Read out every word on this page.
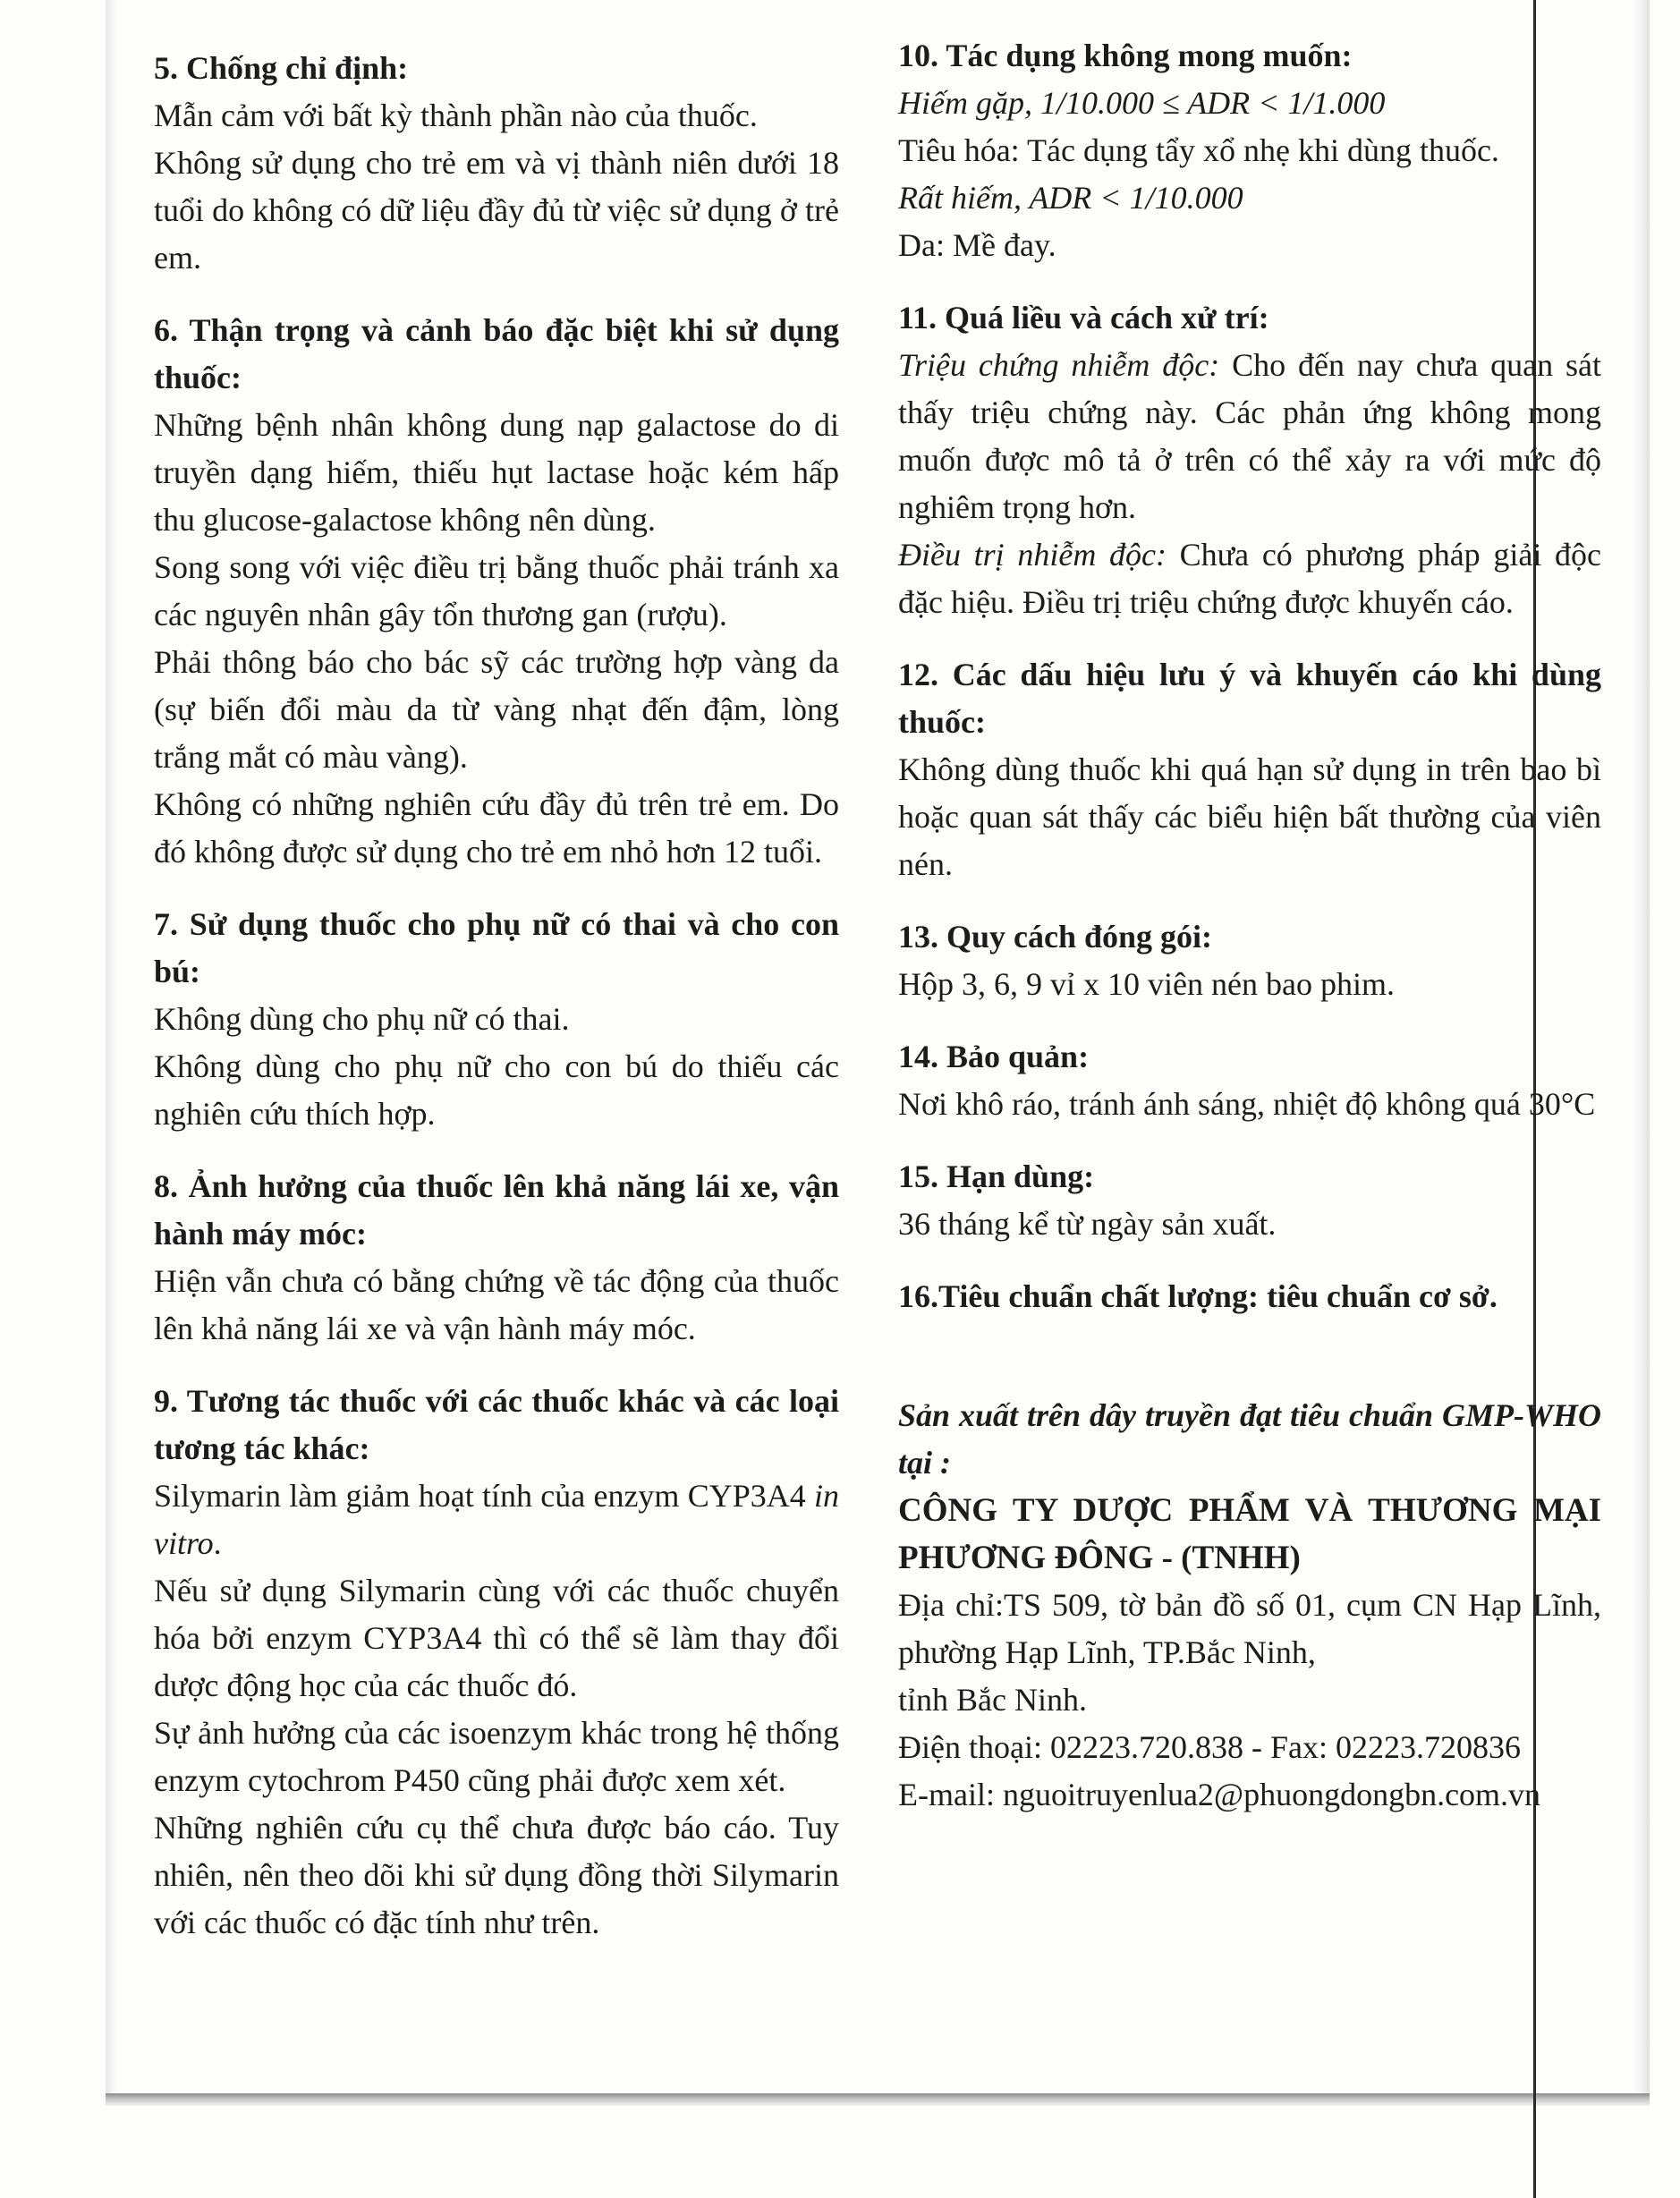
5. Chống chỉ định:

Mẫn cảm với bất kỳ thành phần nào của thuốc.

Không sử dụng cho trẻ em và vị thành niên dưới 18 tuổi do không có dữ liệu đầy đủ từ việc sử dụng ở trẻ em.

6. Thận trọng và cảnh báo đặc biệt khi sử dụng thuốc:

Những bệnh nhân không dung nạp galactose do di truyền dạng hiếm, thiếu hụt lactase hoặc kém hấp thu glucose-galactose không nên dùng.

Song song với việc điều trị bằng thuốc phải tránh xa các nguyên nhân gây tổn thương gan (rượu).

Phải thông báo cho bác sỹ các trường hợp vàng da (sự biến đổi màu da từ vàng nhạt đến đậm, lòng trắng mắt có màu vàng).

Không có những nghiên cứu đầy đủ trên trẻ em. Do đó không được sử dụng cho trẻ em nhỏ hơn 12 tuổi.

7. Sử dụng thuốc cho phụ nữ có thai và cho con bú:

Không dùng cho phụ nữ có thai.

Không dùng cho phụ nữ cho con bú do thiếu các nghiên cứu thích hợp.

8. Ảnh hưởng của thuốc lên khả năng lái xe, vận hành máy móc:

Hiện vẫn chưa có bằng chứng về tác động của thuốc lên khả năng lái xe và vận hành máy móc.

9. Tương tác thuốc với các thuốc khác và các loại tương tác khác:

Silymarin làm giảm hoạt tính của enzym CYP3A4 in vitro.

Nếu sử dụng Silymarin cùng với các thuốc chuyển hóa bởi enzym CYP3A4 thì có thể sẽ làm thay đổi dược động học của các thuốc đó.

Sự ảnh hưởng của các isoenzym khác trong hệ thống enzym cytochrom P450 cũng phải được xem xét.

Những nghiên cứu cụ thể chưa được báo cáo. Tuy nhiên, nên theo dõi khi sử dụng đồng thời Silymarin với các thuốc có đặc tính như trên.

10. Tác dụng không mong muốn:

Hiếm gặp, 1/10.000 ≤ ADR < 1/1.000

Tiêu hóa: Tác dụng tẩy xổ nhẹ khi dùng thuốc.

Rất hiếm, ADR < 1/10.000

Da: Mề đay.

11. Quá liều và cách xử trí:

Triệu chứng nhiễm độc: Cho đến nay chưa quan sát thấy triệu chứng này. Các phản ứng không mong muốn được mô tả ở trên có thể xảy ra với mức độ nghiêm trọng hơn.

Điều trị nhiễm độc: Chưa có phương pháp giải độc đặc hiệu. Điều trị triệu chứng được khuyến cáo.

12. Các dấu hiệu lưu ý và khuyến cáo khi dùng thuốc:

Không dùng thuốc khi quá hạn sử dụng in trên bao bì hoặc quan sát thấy các biểu hiện bất thường của viên nén.

13. Quy cách đóng gói:

Hộp 3, 6, 9 vỉ x 10 viên nén bao phim.

14. Bảo quản:

Nơi khô ráo, tránh ánh sáng, nhiệt độ không quá 30°C

15. Hạn dùng:

36 tháng kể từ ngày sản xuất.

16.Tiêu chuẩn chất lượng: tiêu chuẩn cơ sở.

Sản xuất trên dây truyền đạt tiêu chuẩn GMP-WHO tại :

CÔNG TY DƯỢC PHẨM VÀ THƯƠNG MẠI PHƯƠNG ĐÔNG - (TNHH)

Địa chỉ:TS 509, tờ bản đồ số 01, cụm CN Hạp Lĩnh, phường Hạp Lĩnh, TP.Bắc Ninh,

tỉnh Bắc Ninh.

Điện thoại: 02223.720.838 - Fax: 02223.720836

E-mail: nguoitruyenlua2@phuongdongbn.com.vn
